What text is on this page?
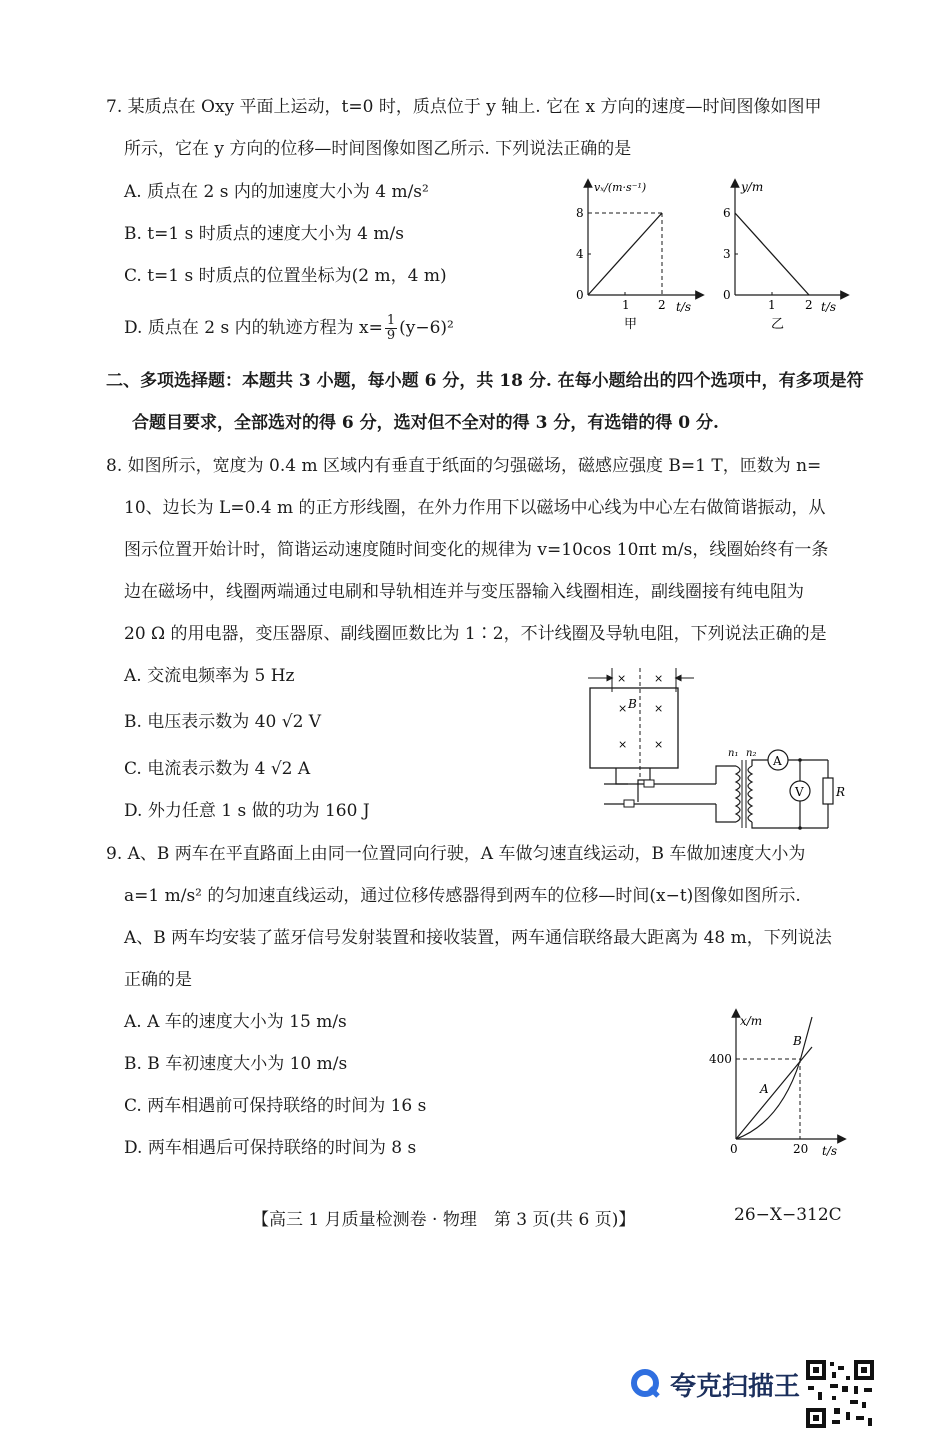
7. 某质点在 Oxy 平面上运动，t=0 时，质点位于 y 轴上. 它在 x 方向的速度—时间图像如图甲
所示，它在 y 方向的位移—时间图像如图乙所示. 下列说法正确的是
A. 质点在 2 s 内的加速度大小为 4 m/s²
B. t=1 s 时质点的速度大小为 4 m/s
C. t=1 s 时质点的位置坐标为(2 m，4 m)
D. 质点在 2 s 内的轨迹方程为 $x= \frac{1}{9} (y-6)^2$
vₓ/(m·s⁻¹)
8
4
0
1 2 t/s
甲
y/m
6
3
0
1 2 t/s
乙
二、多项选择题：本题共 3 小题，每小题 6 分，共 18 分. 在每小题给出的四个选项中，有多项是符
合题目要求，全部选对的得 6 分，选对但不全对的得 3 分，有选错的得 0 分.
8. 如图所示，宽度为 0.4 m 区域内有垂直于纸面的匀强磁场，磁感应强度 B=1 T，匝数为 n=
10、边长为 L=0.4 m 的正方形线圈，在外力作用下以磁场中心线为中心左右做简谐振动，从
图示位置开始计时，简谐运动速度随时间变化的规律为 v=10cos 10πt m/s，线圈始终有一条
边在磁场中，线圈两端通过电刷和导轨相连并与变压器输入线圈相连，副线圈接有纯电阻为
20 Ω 的用电器，变压器原、副线圈匝数比为 1∶2，不计线圈及导轨电阻，下列说法正确的是
A. 交流电频率为 5 Hz
B. 电压表示数为 40 √2 V
C. 电流表示数为 4 √2 A
D. 外力任意 1 s 做的功为 160 J
×	×
× B ×
× ×
n₁ n₂
A
V	R
9. A、B 两车在平直路面上由同一位置同向行驶，A 车做匀速直线运动，B 车做加速度大小为
a=1 m/s² 的匀加速直线运动，通过位移传感器得到两车的位移—时间(x−t)图像如图所示.
A、B 两车均安装了蓝牙信号发射装置和接收装置，两车通信联络最大距离为 48 m，下列说法
正确的是
A. A 车的速度大小为 15 m/s
B. B 车初速度大小为 10 m/s
C. 两车相遇前可保持联络的时间为 16 s
D. 两车相遇后可保持联络的时间为 8 s
x/m
400
0	20 t/s
A
B
【高三 1 月质量检测卷 · 物理　第 3 页(共 6 页)】	26−X−312C
夸克扫描王
